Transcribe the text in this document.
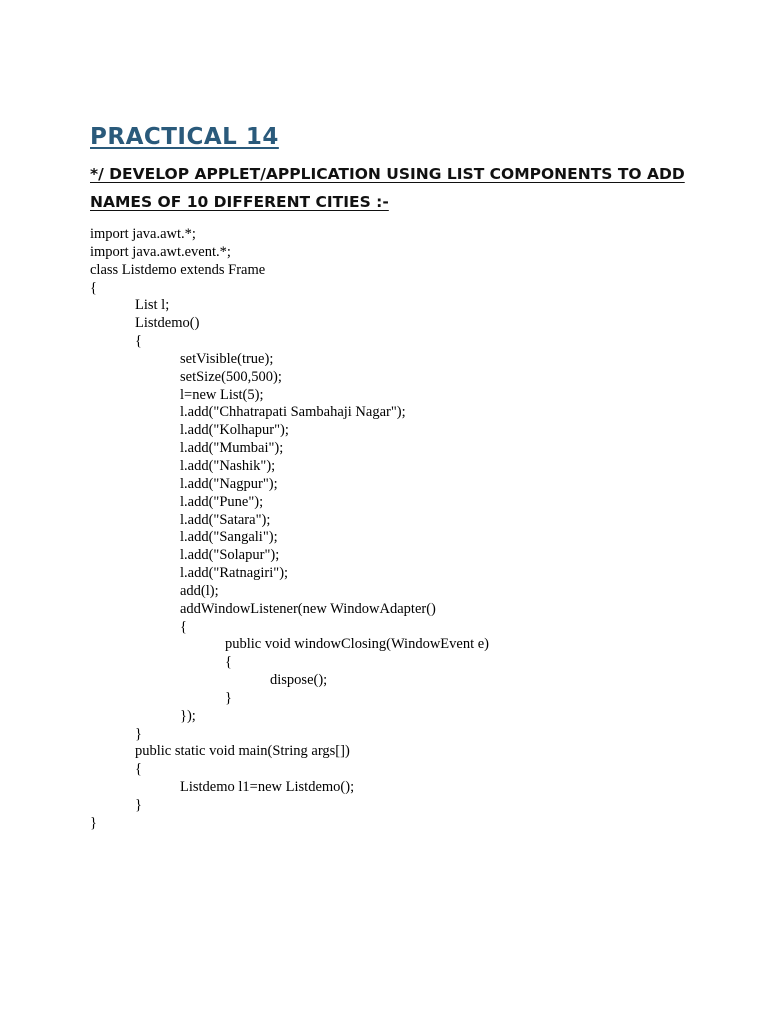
PRACTICAL 14
*/ DEVELOP APPLET/APPLICATION USING LIST COMPONENTS TO ADD NAMES OF 10 DIFFERENT CITIES :-
import java.awt.*;
import java.awt.event.*;
class Listdemo extends Frame
{
List l;
Listdemo()
{
setVisible(true);
setSize(500,500);
l=new List(5);
l.add("Chhatrapati Sambahaji Nagar");
l.add("Kolhapur");
l.add("Mumbai");
l.add("Nashik");
l.add("Nagpur");
l.add("Pune");
l.add("Satara");
l.add("Sangali");
l.add("Solapur");
l.add("Ratnagiri");
add(l);
addWindowListener(new WindowAdapter()
{
public void windowClosing(WindowEvent e)
{
dispose();
}
});
}
public static void main(String args[])
{
Listdemo l1=new Listdemo();
}
}
